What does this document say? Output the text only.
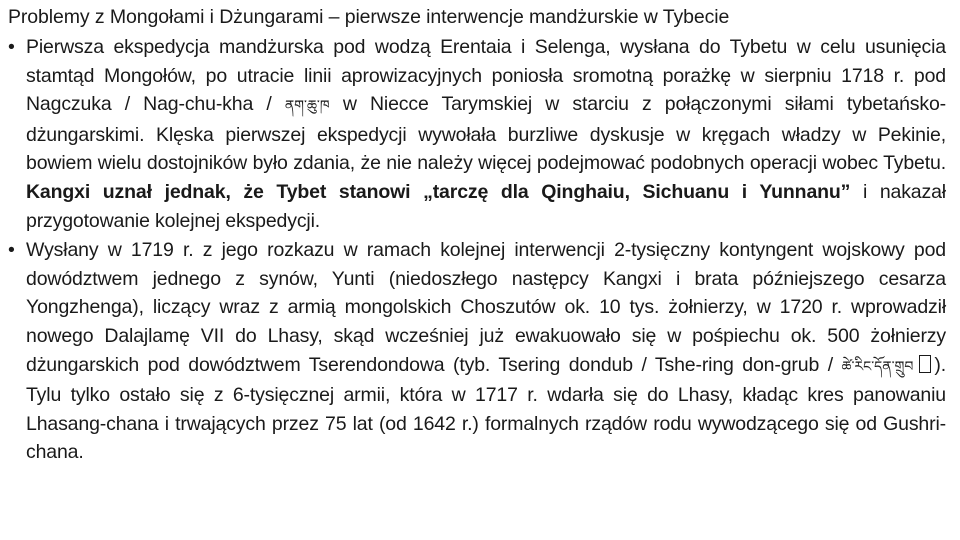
Problemy z Mongołami i Dżungarami – pierwsze interwencje mandżurskie w Tybecie
• Pierwsza ekspedycja mandżurska pod wodzą Erentaia i Selenga, wysłana do Tybetu w celu usunięcia stamtąd Mongołów, po utracie linii aprowizacyjnych poniosła sromotną porażkę w sierpniu 1718 r. pod Nagczuka / Nag-chu-kha / ནག་ཆུ་ཁ w Niecce Tarymskiej w starciu z połączonymi siłami tybetańsko-dżungarskimi. Klęska pierwszej ekspedycji wywołała burzliwe dyskusje w kręgach władzy w Pekinie, bowiem wielu dostojników było zdania, że nie należy więcej podejmować podobnych operacji wobec Tybetu. Kangxi uznał jednak, że Tybet stanowi „tarczę dla Qinghaiu, Sichuanu i Yunnanu” i nakazał przygotowanie kolejnej ekspedycji.
• Wysłany w 1719 r. z jego rozkazu w ramach kolejnej interwencji 2-tysięczny kontyngent wojskowy pod dowództwem jednego z synów, Yunti (niedoszłego następcy Kangxi i brata późniejszego cesarza Yongzhenga), liczący wraz z armią mongolskich Choszutów ok. 10 tys. żołnierzy, w 1720 r. wprowadził nowego Dalajlamę VII do Lhasy, skąd wcześniej już ewakuowało się w pośpiechu ok. 500 żołnierzy dżungarskich pod dowództwem Tserendondowa (tyb. Tsering dondub / Tshe-ring don-grub / ཚེ་རིང་དོན་གྲུབ ). Tylu tylko ostało się z 6-tysięcznej armii, która w 1717 r. wdarła się do Lhasy, kładąc kres panowaniu Lhasang-chana i trwających przez 75 lat (od 1642 r.) formalnych rządów rodu wywodzącego się od Gushri-chana.
